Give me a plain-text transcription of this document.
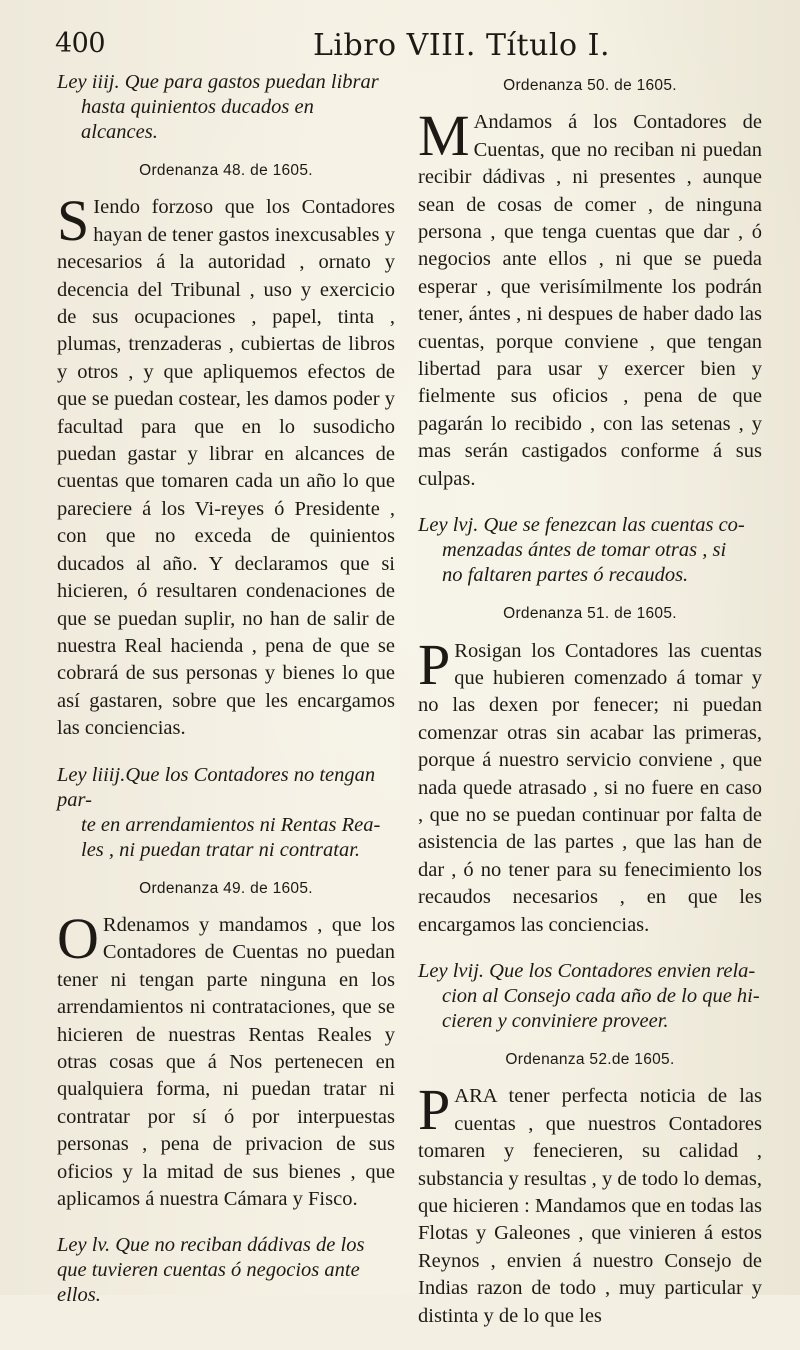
400	Libro VIII. Título I.
Ley iiij. Que para gastos puedan librar
hasta quinientos ducados en alcances.
Ordenanza 48. de 1605.

S Iendo forzoso que los Contadores hayan de tener gastos inexcusables y necesarios á la autoridad , ornato y decencia del Tribunal , uso y exercicio de sus ocupaciones , papel, tinta , plumas, trenzaderas , cubiertas de libros y otros , y que apliquemos efectos de que se puedan costear, les damos poder y facultad para que en lo susodicho puedan gastar y librar en alcances de cuentas que tomaren cada un año lo que pareciere á los Vi-reyes ó Presidente , con que no exceda de quinientos ducados al año. Y declaramos que si hicieren, ó resultaren condenaciones de que se puedan suplir, no han de salir de nuestra Real hacienda , pena de que se cobrará de sus personas y bienes lo que así gastaren, sobre que les encargamos las conciencias.

Ley liiij.Que los Contadores no tengan par-
te en arrendamientos ni Rentas Rea-
les , ni puedan tratar ni contratar.
Ordenanza 49. de 1605.

O Rdenamos y mandamos , que los Contadores de Cuentas no puedan tener ni tengan parte ninguna en los arrendamientos ni contrataciones, que se hicieren de nuestras Rentas Reales y otras cosas que á Nos pertenecen en qualquiera forma, ni puedan tratar ni contratar por sí ó por interpuestas personas , pena de privacion de sus oficios y la mitad de sus bienes , que aplicamos á nuestra Cámara y Fisco.

Ley lv. Que no reciban dádivas de los
que tuvieren cuentas ó negocios ante
ellos.
Ordenanza 50. de 1605.

M Andamos á los Contadores de Cuentas, que no reciban ni puedan recibir dádivas , ni presentes , aunque sean de cosas de comer , de ninguna persona , que tenga cuentas que dar , ó negocios ante ellos , ni que se pueda esperar , que verisímilmente los podrán tener, ántes , ni despues de haber dado las cuentas, porque conviene , que tengan libertad para usar y exercer bien y fielmente sus oficios , pena de que pagarán lo recibido , con las setenas , y mas serán castigados conforme á sus culpas.

Ley lvj. Que se fenezcan las cuentas co-
menzadas ántes de tomar otras , si
no faltaren partes ó recaudos.
Ordenanza 51. de 1605.

P Rosigan los Contadores las cuentas que hubieren comenzado á tomar y no las dexen por fenecer; ni puedan comenzar otras sin acabar las primeras, porque á nuestro servicio conviene , que nada quede atrasado , si no fuere en caso , que no se puedan continuar por falta de asistencia de las partes , que las han de dar , ó no tener para su fenecimiento los recaudos necesarios , en que les encargamos las conciencias.

Ley lvij. Que los Contadores envien rela-
cion al Consejo cada año de lo que hi-
cieren y conviniere proveer.
Ordenanza 52.de 1605.

PARA tener perfecta noticia de las cuentas , que nuestros Contadores tomaren y fenecieren, su calidad , substancia y resultas , y de todo lo demas, que hicieren : Mandamos que en todas las Flotas y Galeones , que vinieren á estos Reynos , envien á nuestro Consejo de Indias razon de todo , muy particular y distinta y de lo que les
